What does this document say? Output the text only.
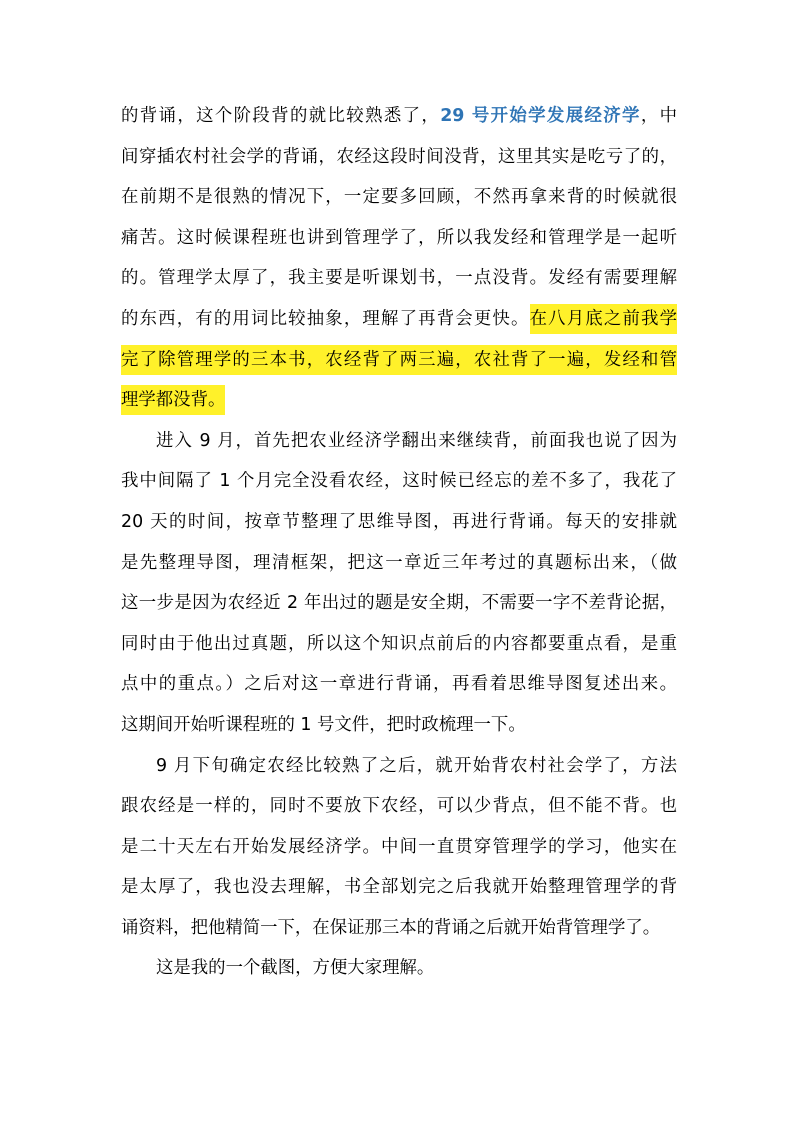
的背诵，这个阶段背的就比较熟悉了，29 号开始学发展经济学，中
间穿插农村社会学的背诵，农经这段时间没背，这里其实是吃亏了的，
在前期不是很熟的情况下，一定要多回顾，不然再拿来背的时候就很
痛苦。这时候课程班也讲到管理学了，所以我发经和管理学是一起听
的。管理学太厚了，我主要是听课划书，一点没背。发经有需要理解
的东西，有的用词比较抽象，理解了再背会更快。在八月底之前我学
完了除管理学的三本书，农经背了两三遍，农社背了一遍，发经和管
理学都没背。
进入 9 月，首先把农业经济学翻出来继续背，前面我也说了因为
我中间隔了 1 个月完全没看农经，这时候已经忘的差不多了，我花了
20 天的时间，按章节整理了思维导图，再进行背诵。每天的安排就
是先整理导图，理清框架，把这一章近三年考过的真题标出来，（做
这一步是因为农经近 2 年出过的题是安全期，不需要一字不差背论据，
同时由于他出过真题，所以这个知识点前后的内容都要重点看，是重
点中的重点。）之后对这一章进行背诵，再看着思维导图复述出来。
这期间开始听课程班的 1 号文件，把时政梳理一下。
9 月下旬确定农经比较熟了之后，就开始背农村社会学了，方法
跟农经是一样的，同时不要放下农经，可以少背点，但不能不背。也
是二十天左右开始发展经济学。中间一直贯穿管理学的学习，他实在
是太厚了，我也没去理解，书全部划完之后我就开始整理管理学的背
诵资料，把他精简一下，在保证那三本的背诵之后就开始背管理学了。
这是我的一个截图，方便大家理解。
